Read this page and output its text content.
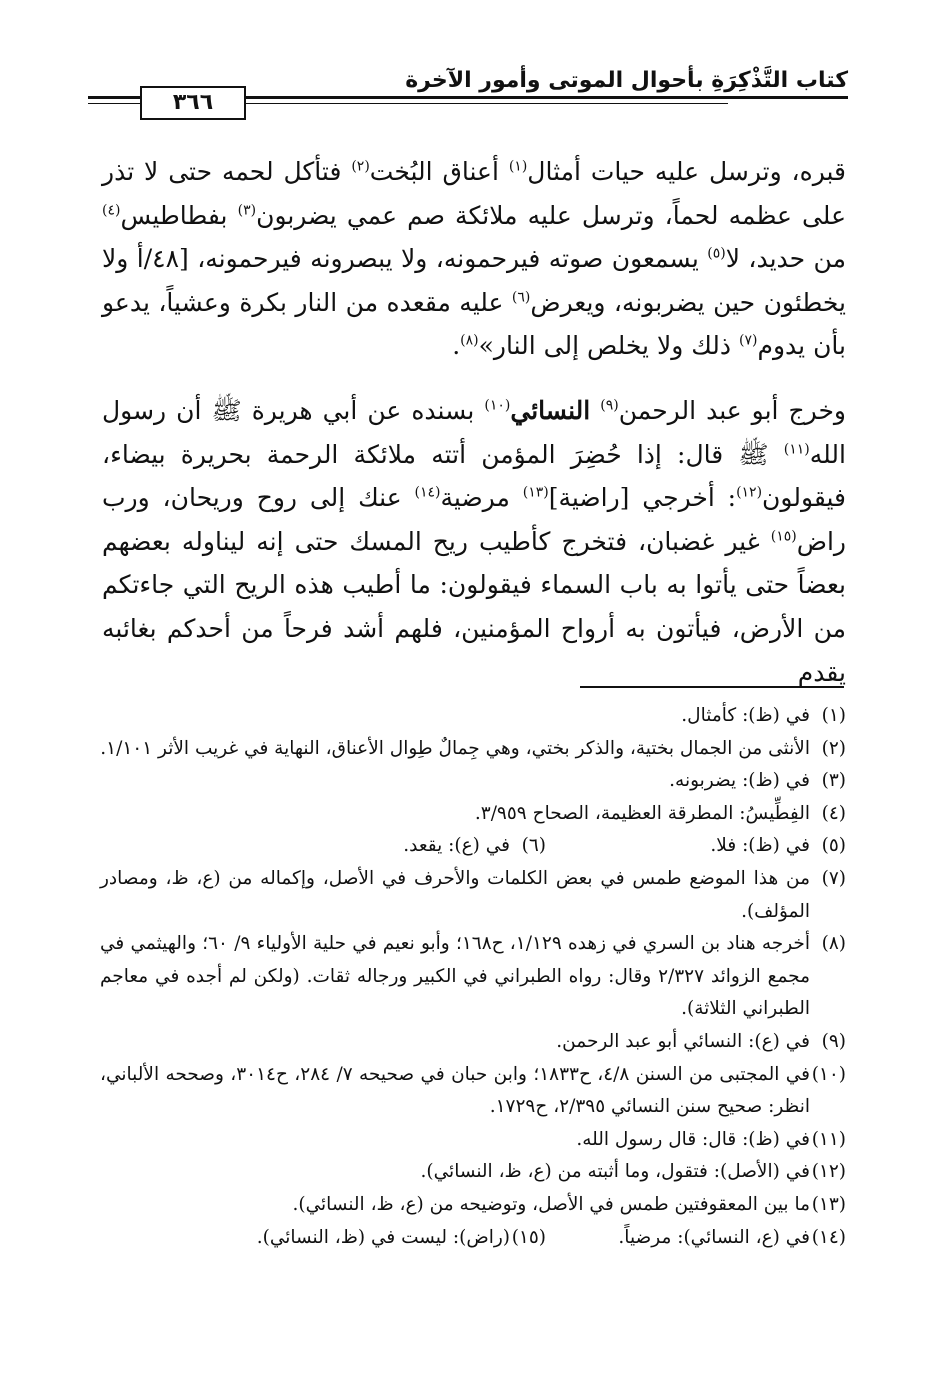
كتاب التَّذْكِرَةِ بأحوال الموتى وأمور الآخرة
٣٦٦

قبره، وترسل عليه حيات أمثال$^{(١)}$ أعناق البُخت$^{(٢)}$ فتأكل لحمه حتى لا تذر على عظمه لحماً، وترسل عليه ملائكة صم عمي يضربون$^{(٣)}$ بفطاطيس$^{(٤)}$ من حديد، لا$^{(٥)}$ يسمعون صوته فيرحمونه، ولا يبصرونه فيرحمونه، [٤٨/أ ولا يخطئون حين يضربونه، ويعرض$^{(٦)}$ عليه مقعده من النار بكرة وعشياً، يدعو بأن يدوم$^{(٧)}$ ذلك ولا يخلص إلى النار»$^{(٨)}$.

وخرج أبو عبد الرحمن$^{(٩)}$ النسائي$^{(١٠)}$ بسنده عن أبي هريرة ﷺ أن رسول الله$^{(١١)}$ ﷺ قال: إذا حُضِرَ المؤمن أتته ملائكة الرحمة بحريرة بيضاء، فيقولون$^{(١٢)}$: أخرجي [راضية]$^{(١٣)}$ مرضية$^{(١٤)}$ عنك إلى روح وريحان، ورب راض$^{(١٥)}$ غير غضبان، فتخرج كأطيب ريح المسك حتى إنه ليناوله بعضهم بعضاً حتى يأتوا به باب السماء فيقولون: ما أطيب هذه الريح التي جاءتكم من الأرض، فيأتون به أرواح المؤمنين، فلهم أشد فرحاً من أحدكم بغائبه يقدم

(١)
في (ظ): كأمثال.
(٢)
الأنثى من الجمال بختية، والذكر بختي، وهي جِمالٌ طِوال الأعناق، النهاية في غريب الأثر ١/١٠١.
(٣)
في (ظ): يضربونه.
(٤)
الفِطِّيسُ: المطرقة العظيمة، الصحاح ٣/٩٥٩.
(٥)
في (ظ): فلا.
(٦)
في (ع): يقعد.
(٧)
من هذا الموضع طمس في بعض الكلمات والأحرف في الأصل، وإكماله من (ع، ظ، ومصادر المؤلف).
(٨)
أخرجه هناد بن السري في زهده ١/١٢٩، ح١٦٨؛ وأبو نعيم في حلية الأولياء ٩/ ٦٠؛ والهيثمي في مجمع الزوائد ٢/٣٢٧ وقال: رواه الطبراني في الكبير ورجاله ثقات. (ولكن لم أجده في معاجم الطبراني الثلاثة).
(٩)
في (ع): النسائي أبو عبد الرحمن.
(١٠)
في المجتبى من السنن ٤/٨، ح١٨٣٣؛ وابن حبان في صحيحه ٧/ ٢٨٤، ح٣٠١٤، وصححه الألباني، انظر: صحيح سنن النسائي ٢/٣٩٥، ح١٧٢٩.
(١١)
في (ظ): قال: قال رسول الله.
(١٢)
في (الأصل): فتقول، وما أثبته من (ع، ظ، النسائي).
(١٣)
ما بين المعقوفتين طمس في الأصل، وتوضيحه من (ع، ظ، النسائي).
(١٤)
في (ع، النسائي): مرضياً.
(١٥)
(راض): ليست في (ظ، النسائي).
